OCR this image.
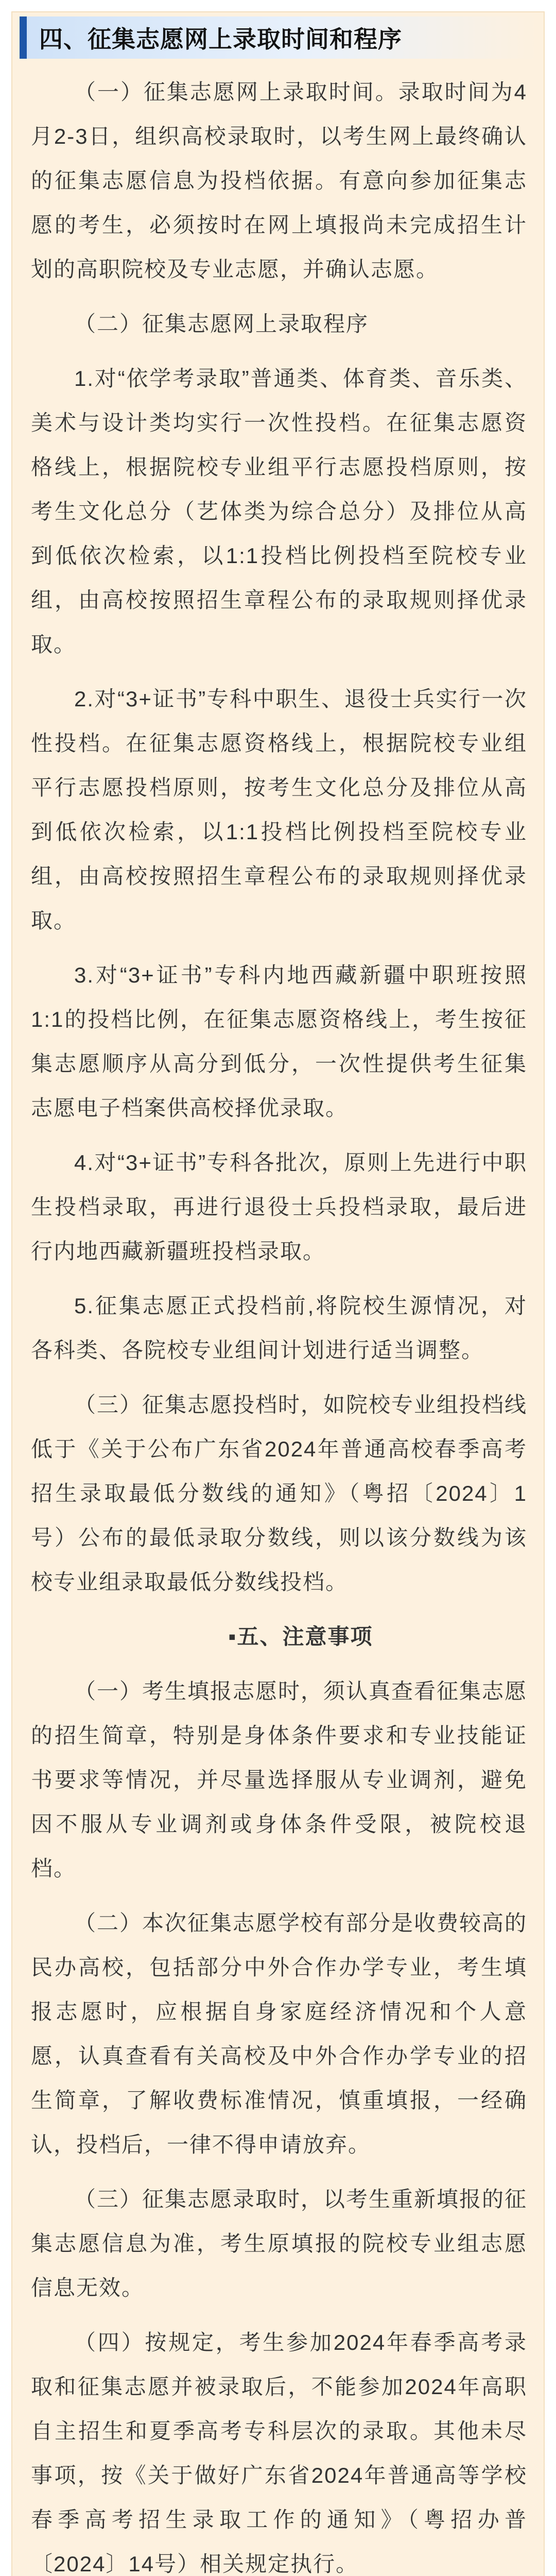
四、征集志愿网上录取时间和程序

（一）征集志愿网上录取时间。录取时间为4月2-3日，组织高校录取时，以考生网上最终确认的征集志愿信息为投档依据。有意向参加征集志愿的考生，必须按时在网上填报尚未完成招生计划的高职院校及专业志愿，并确认志愿。

（二）征集志愿网上录取程序

1.对“依学考录取”普通类、体育类、音乐类、美术与设计类均实行一次性投档。在征集志愿资格线上，根据院校专业组平行志愿投档原则，按考生文化总分（艺体类为综合总分）及排位从高到低依次检索，以1:1投档比例投档至院校专业组，由高校按照招生章程公布的录取规则择优录取。

2.对“3+证书”专科中职生、退役士兵实行一次性投档。在征集志愿资格线上，根据院校专业组平行志愿投档原则，按考生文化总分及排位从高到低依次检索，以1:1投档比例投档至院校专业组，由高校按照招生章程公布的录取规则择优录取。

3.对“3+证书”专科内地西藏新疆中职班按照1:1的投档比例，在征集志愿资格线上，考生按征集志愿顺序从高分到低分，一次性提供考生征集志愿电子档案供高校择优录取。

4.对“3+证书”专科各批次，原则上先进行中职生投档录取，再进行退役士兵投档录取，最后进行内地西藏新疆班投档录取。

5.征集志愿正式投档前,将院校生源情况，对各科类、各院校专业组间计划进行适当调整。

（三）征集志愿投档时，如院校专业组投档线低于《关于公布广东省2024年普通高校春季高考招生录取最低分数线的通知》（粤招〔2024〕1号）公布的最低录取分数线，则以该分数线为该校专业组录取最低分数线投档。

▪五、注意事项

（一）考生填报志愿时，须认真查看征集志愿的招生简章，特别是身体条件要求和专业技能证书要求等情况，并尽量选择服从专业调剂，避免因不服从专业调剂或身体条件受限，被院校退档。

（二）本次征集志愿学校有部分是收费较高的民办高校，包括部分中外合作办学专业，考生填报志愿时，应根据自身家庭经济情况和个人意愿，认真查看有关高校及中外合作办学专业的招生简章，了解收费标准情况，慎重填报，一经确认，投档后，一律不得申请放弃。

（三）征集志愿录取时，以考生重新填报的征集志愿信息为准，考生原填报的院校专业组志愿信息无效。

（四）按规定，考生参加2024年春季高考录取和征集志愿并被录取后，不能参加2024年高职自主招生和夏季高考专科层次的录取。其他未尽事项，按《关于做好广东省2024年普通高等学校春季高考招生录取工作的通知》（粤招办普〔2024〕14号）相关规定执行。
